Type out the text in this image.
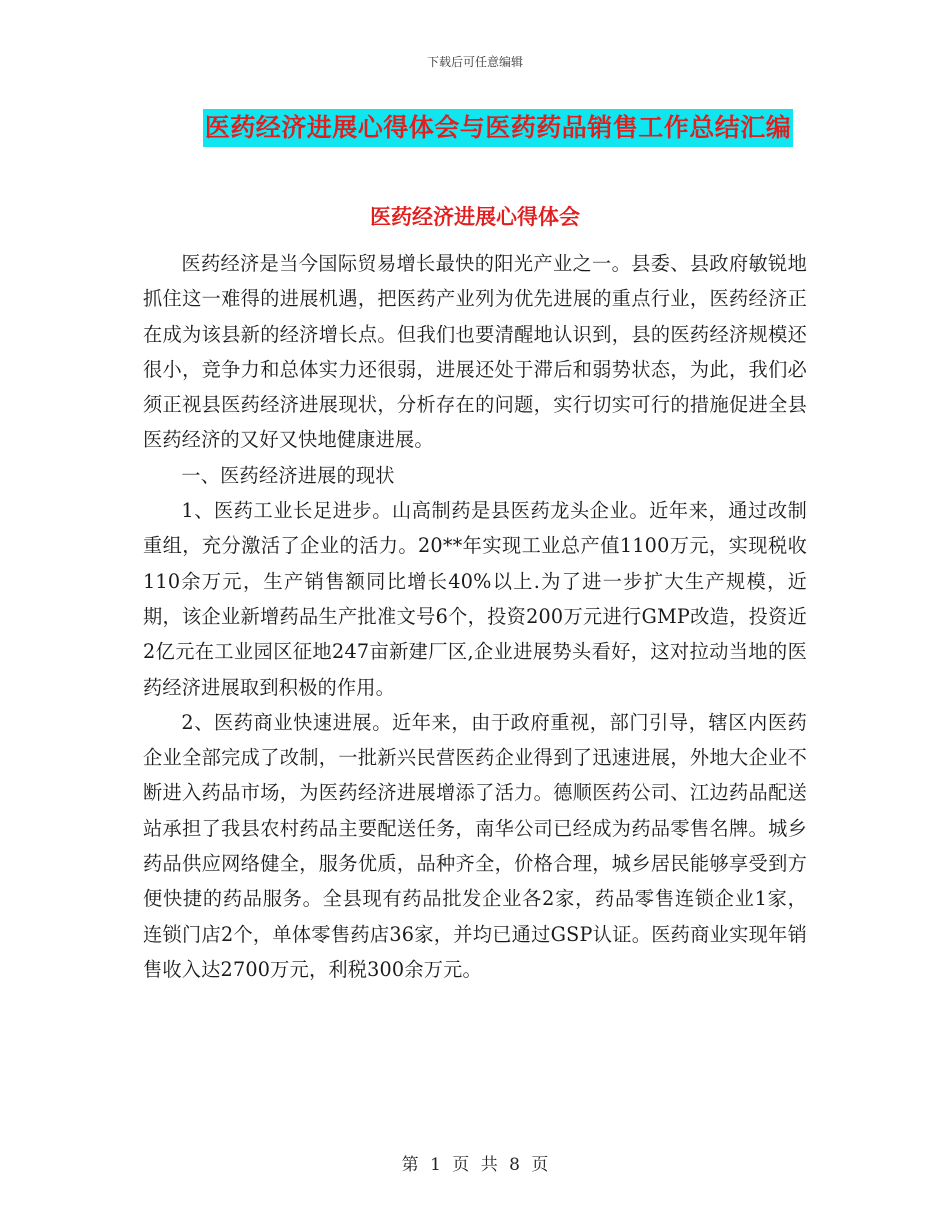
下载后可任意编辑
医药经济进展心得体会与医药药品销售工作总结汇编
医药经济进展心得体会

医药经济是当今国际贸易增长最快的阳光产业之一。县委、县政府敏锐地抓住这一难得的进展机遇，把医药产业列为优先进展的重点行业，医药经济正在成为该县新的经济增长点。但我们也要清醒地认识到，县的医药经济规模还很小，竞争力和总体实力还很弱，进展还处于滞后和弱势状态，为此，我们必须正视县医药经济进展现状，分析存在的问题，实行切实可行的措施促进全县医药经济的又好又快地健康进展。

一、医药经济进展的现状

1、医药工业长足进步。山高制药是县医药龙头企业。近年来，通过改制重组，充分激活了企业的活力。20**年实现工业总产值1100万元，实现税收110余万元，生产销售额同比增长40%以上.为了进一步扩大生产规模，近期，该企业新增药品生产批准文号6个，投资200万元进行GMP改造，投资近2亿元在工业园区征地247亩新建厂区,企业进展势头看好，这对拉动当地的医药经济进展取到积极的作用。

2、医药商业快速进展。近年来，由于政府重视，部门引导，辖区内医药企业全部完成了改制，一批新兴民营医药企业得到了迅速进展，外地大企业不断进入药品市场，为医药经济进展增添了活力。德顺医药公司、江边药品配送站承担了我县农村药品主要配送任务，南华公司已经成为药品零售名牌。城乡药品供应网络健全，服务优质，品种齐全，价格合理，城乡居民能够享受到方便快捷的药品服务。全县现有药品批发企业各2家，药品零售连锁企业1家，连锁门店2个，单体零售药店36家，并均已通过GSP认证。医药商业实现年销售收入达2700万元，利税300余万元。

第 1 页 共 8 页
